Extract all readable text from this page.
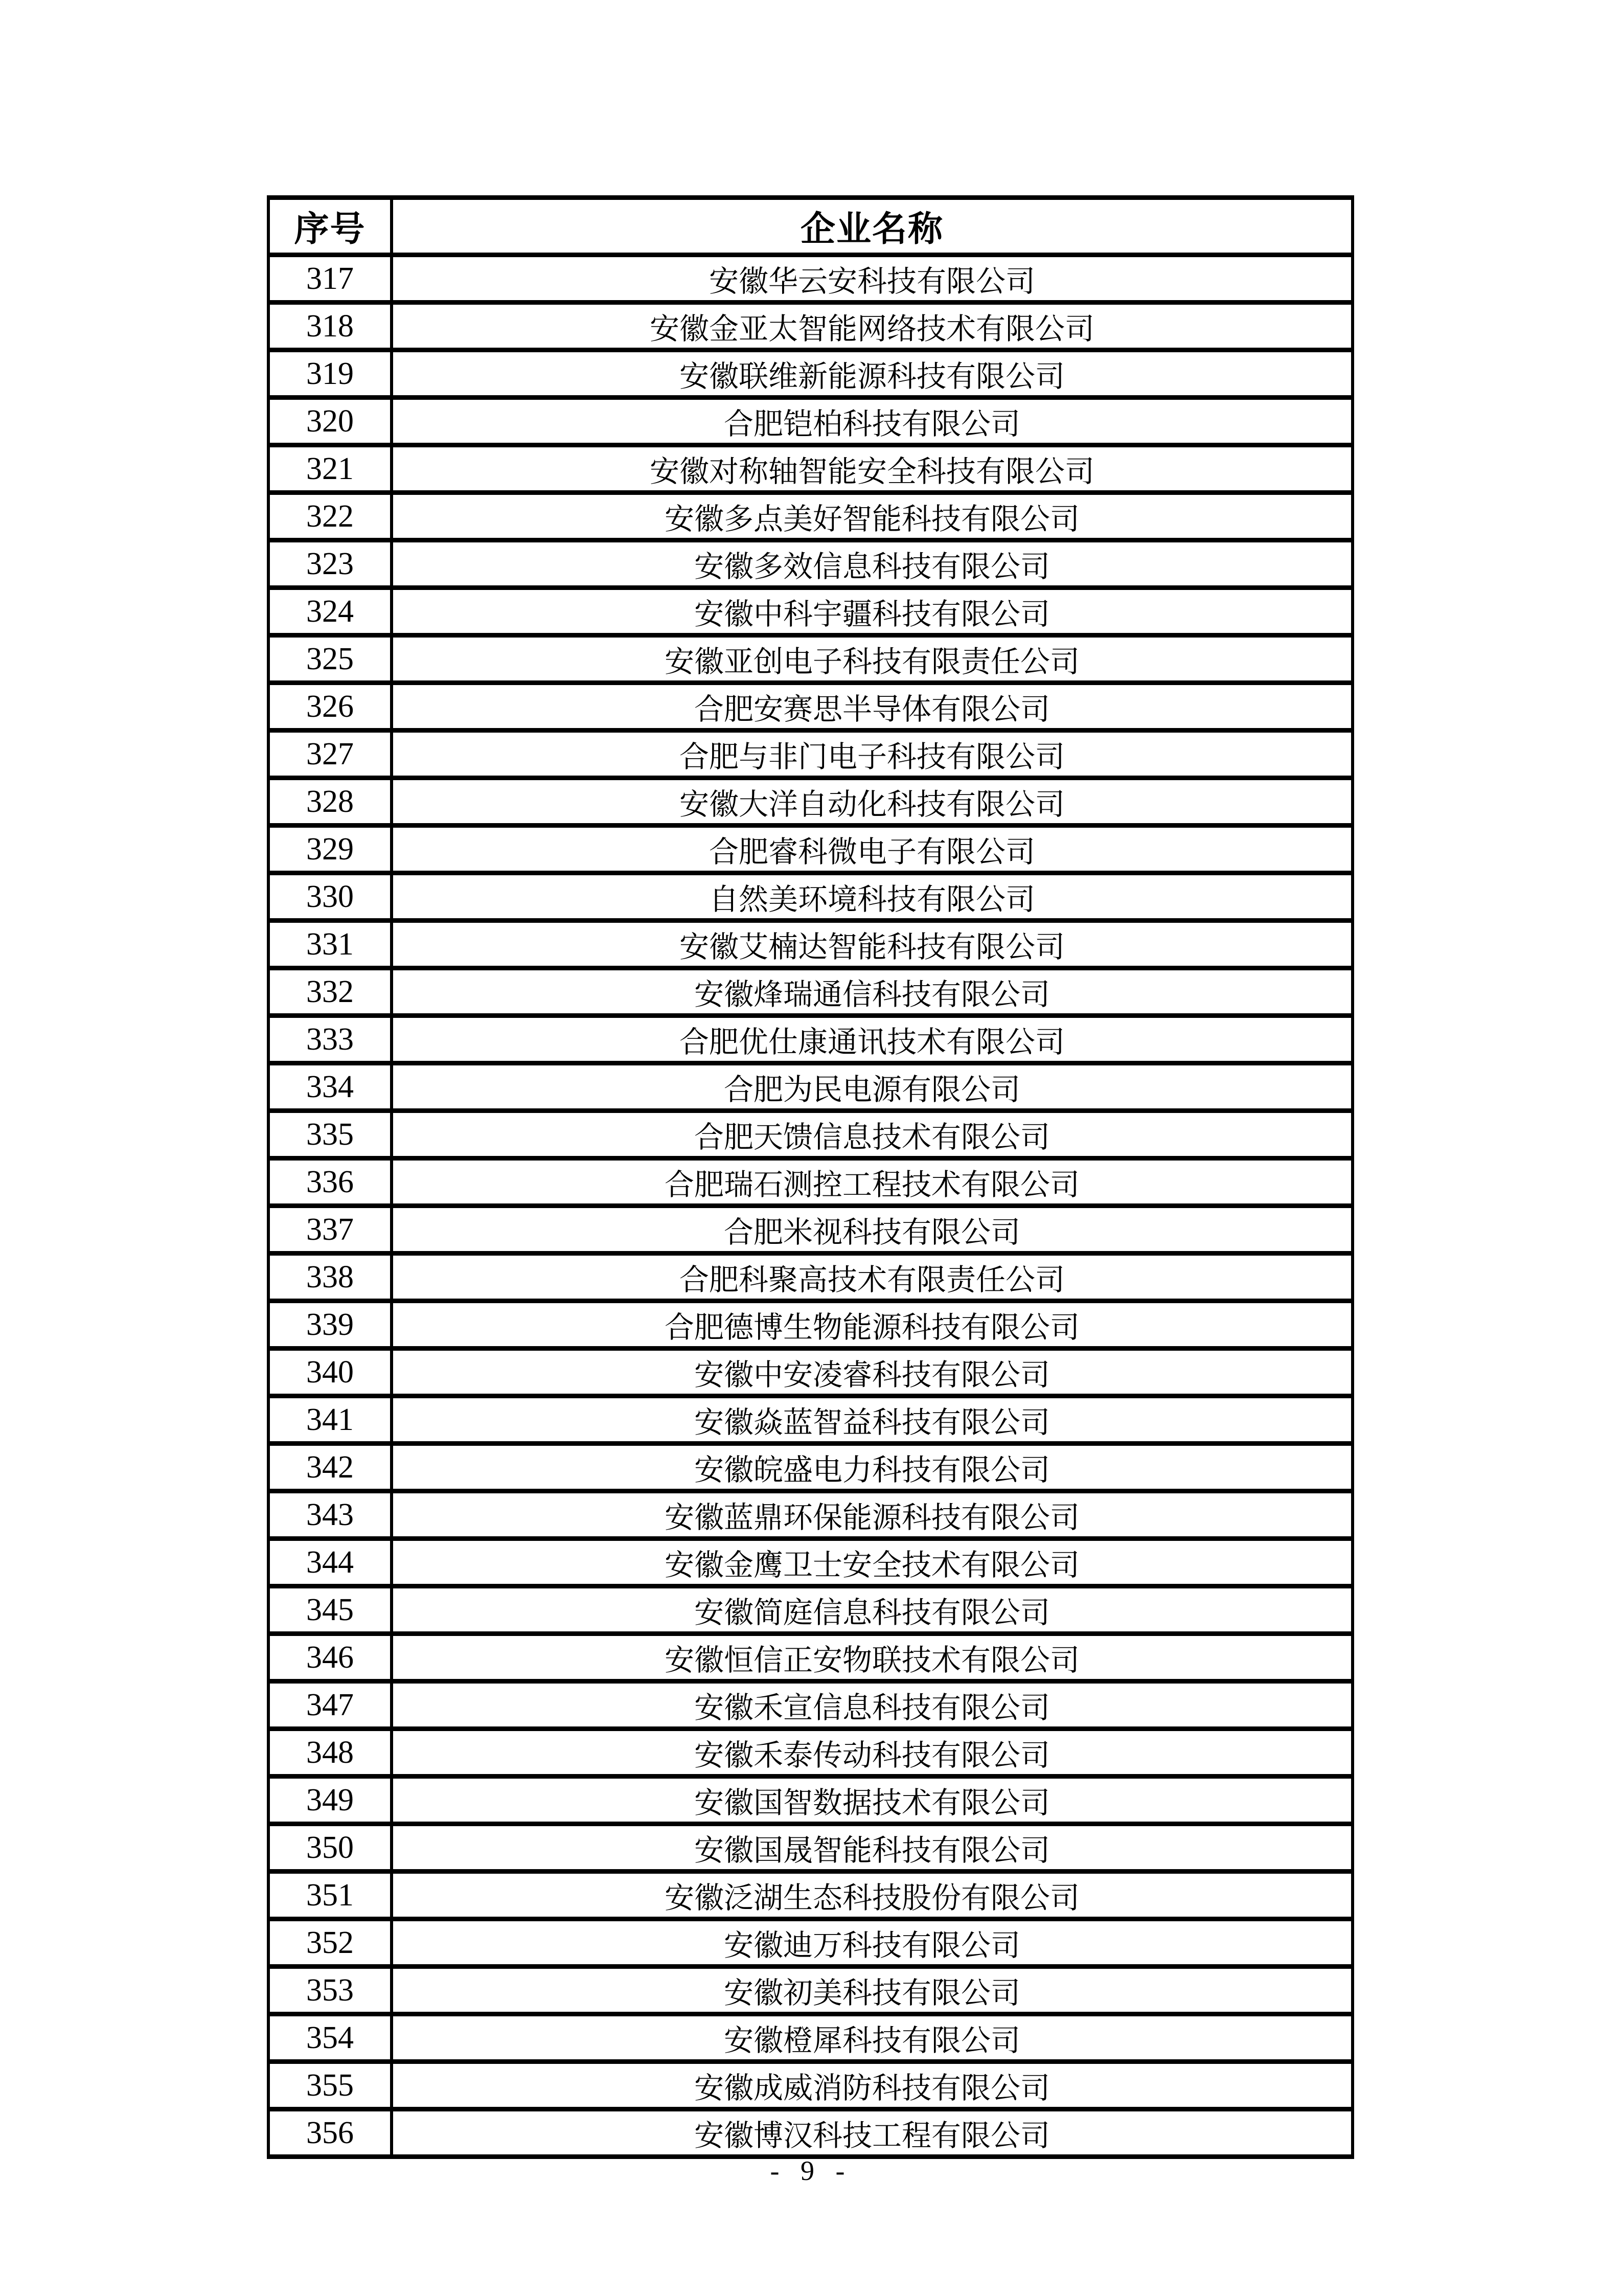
序号	企业名称
317	安徽华云安科技有限公司
318	安徽金亚太智能网络技术有限公司
319	安徽联维新能源科技有限公司
320	合肥铠柏科技有限公司
321	安徽对称轴智能安全科技有限公司
322	安徽多点美好智能科技有限公司
323	安徽多效信息科技有限公司
324	安徽中科宇疆科技有限公司
325	安徽亚创电子科技有限责任公司
326	合肥安赛思半导体有限公司
327	合肥与非门电子科技有限公司
328	安徽大洋自动化科技有限公司
329	合肥睿科微电子有限公司
330	自然美环境科技有限公司
331	安徽艾楠达智能科技有限公司
332	安徽烽瑞通信科技有限公司
333	合肥优仕康通讯技术有限公司
334	合肥为民电源有限公司
335	合肥天馈信息技术有限公司
336	合肥瑞石测控工程技术有限公司
337	合肥米视科技有限公司
338	合肥科聚高技术有限责任公司
339	合肥德博生物能源科技有限公司
340	安徽中安凌睿科技有限公司
341	安徽焱蓝智益科技有限公司
342	安徽皖盛电力科技有限公司
343	安徽蓝鼎环保能源科技有限公司
344	安徽金鹰卫士安全技术有限公司
345	安徽简庭信息科技有限公司
346	安徽恒信正安物联技术有限公司
347	安徽禾宣信息科技有限公司
348	安徽禾泰传动科技有限公司
349	安徽国智数据技术有限公司
350	安徽国晟智能科技有限公司
351	安徽泛湖生态科技股份有限公司
352	安徽迪万科技有限公司
353	安徽初美科技有限公司
354	安徽橙犀科技有限公司
355	安徽成威消防科技有限公司
356	安徽博汉科技工程有限公司
- 9 -
